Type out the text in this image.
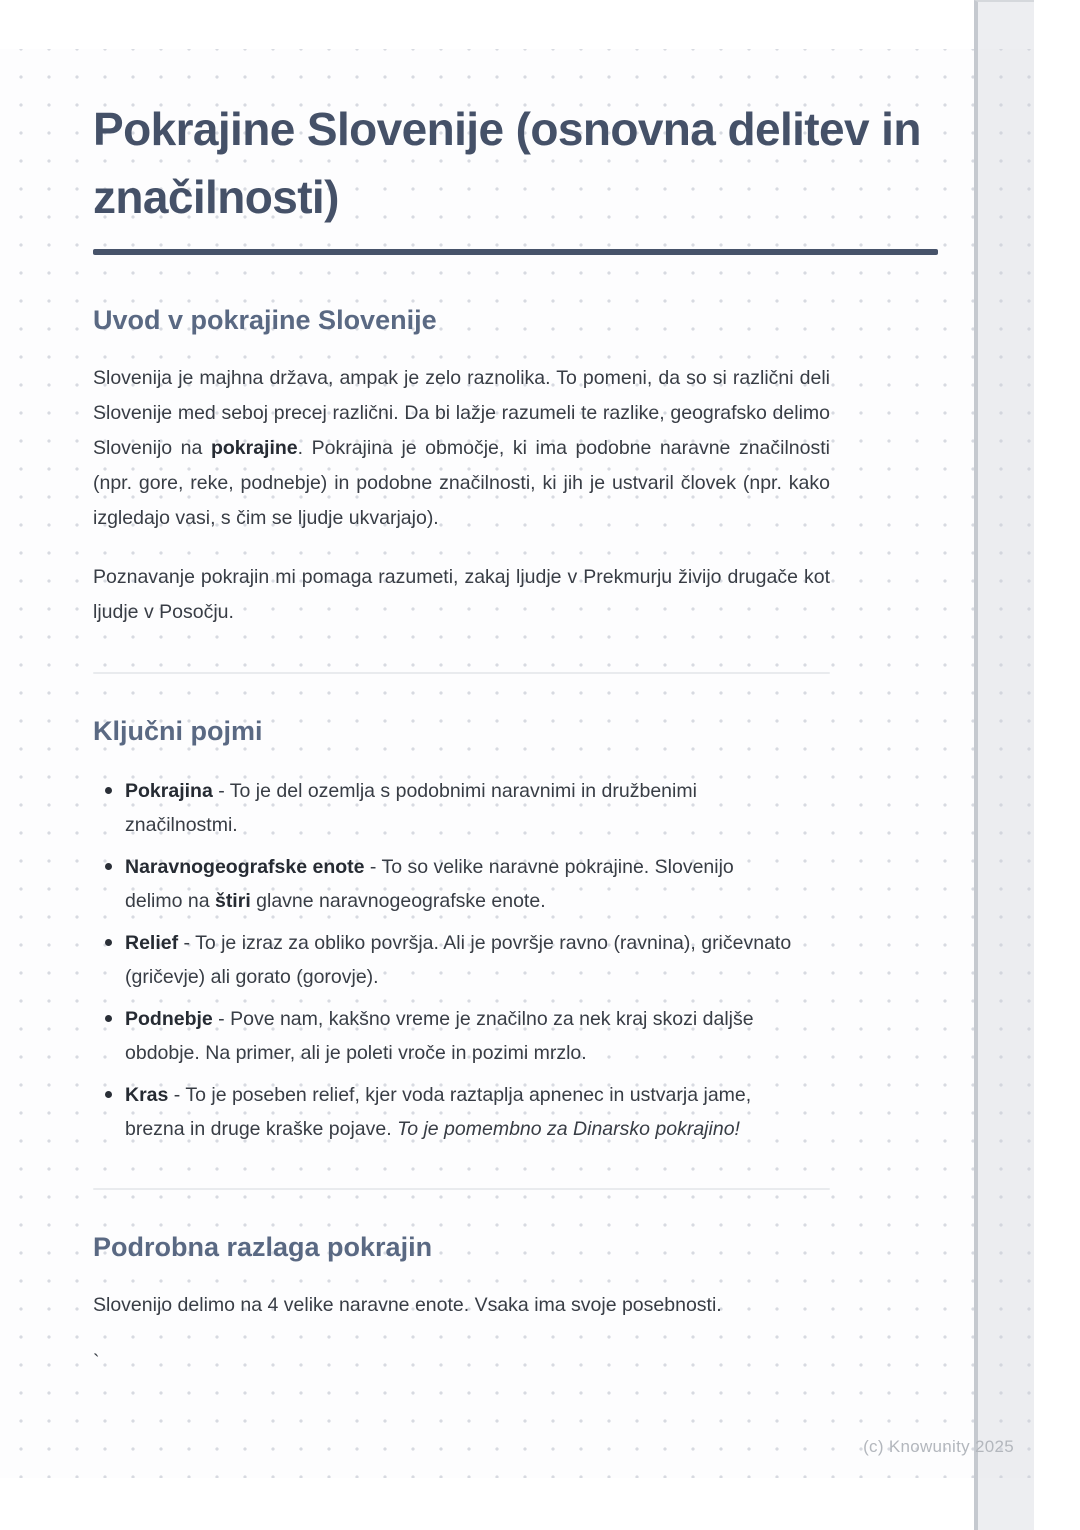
Pokrajine Slovenije (osnovna delitev in značilnosti)
Uvod v pokrajine Slovenije

Slovenija je majhna država, ampak je zelo raznolika. To pomeni, da so si različni deli Slovenije med seboj precej različni. Da bi lažje razumeli te razlike, geografsko delimo Slovenijo na pokrajine. Pokrajina je območje, ki ima podobne naravne značilnosti (npr. gore, reke, podnebje) in podobne značilnosti, ki jih je ustvaril človek (npr. kako izgledajo vasi, s čim se ljudje ukvarjajo).

Poznavanje pokrajin mi pomaga razumeti, zakaj ljudje v Prekmurju živijo drugače kot ljudje v Posočju.

Ključni pojmi
Pokrajina - To je del ozemlja s podobnimi naravnimi in družbenimi značilnostmi.
Naravnogeografske enote - To so velike naravne pokrajine. Slovenijo delimo na štiri glavne naravnogeografske enote.
Relief - To je izraz za obliko površja. Ali je površje ravno (ravnina), gričevnato (gričevje) ali gorato (gorovje).
Podnebje - Pove nam, kakšno vreme je značilno za nek kraj skozi daljše obdobje. Na primer, ali je poleti vroče in pozimi mrzlo.
Kras - To je poseben relief, kjer voda raztaplja apnenec in ustvarja jame, brezna in druge kraške pojave. To je pomembno za Dinarsko pokrajino!
Podrobna razlaga pokrajin

Slovenijo delimo na 4 velike naravne enote. Vsaka ima svoje posebnosti.

`

(c) Knowunity 2025
